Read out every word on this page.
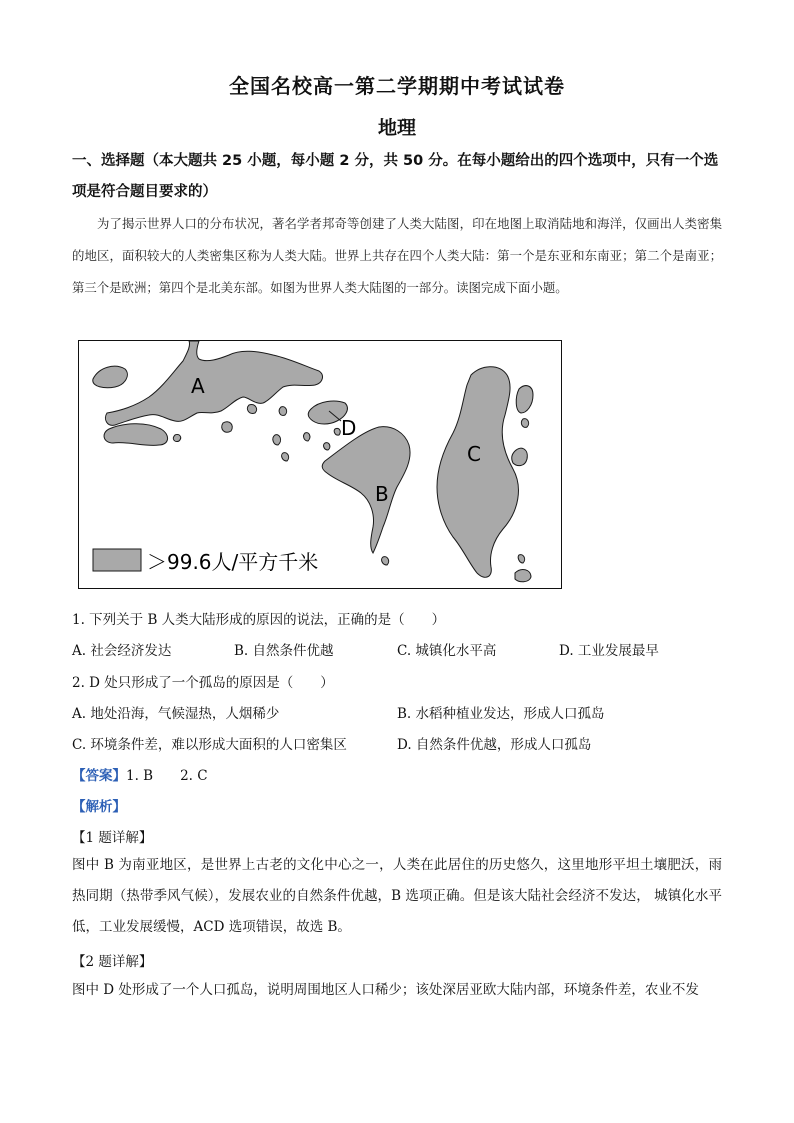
全国名校高一第二学期期中考试试卷
地理
一、选择题（本大题共 25 小题，每小题 2 分，共 50 分。在每小题给出的四个选项中，只有一个选项是符合题目要求的）

为了揭示世界人口的分布状况，著名学者邦奇等创建了人类大陆图，印在地图上取消陆地和海洋，仅画出人类密集的地区，面积较大的人类密集区称为人类大陆。世界上共存在四个人类大陆：第一个是东亚和东南亚；第二个是南亚；第三个是欧洲；第四个是北美东部。如图为世界人类大陆图的一部分。读图完成下面小题。

A
B
C
D
＞99.6人/平方千米
1. 下列关于 B 人类大陆形成的原因的说法，正确的是（　　）
A. 社会经济发达	B. 自然条件优越	C. 城镇化水平高	D. 工业发展最早
2. D 处只形成了一个孤岛的原因是（　　）
A. 地处沿海，气候湿热，人烟稀少	B. 水稻种植业发达，形成人口孤岛
C. 环境条件差，难以形成大面积的人口密集区	D. 自然条件优越，形成人口孤岛
【答案】1. B　　2. C
【解析】
【1 题详解】

图中 B 为南亚地区，是世界上古老的文化中心之一，人类在此居住的历史悠久，这里地形平坦土壤肥沃，雨热同期（热带季风气候），发展农业的自然条件优越，B 选项正确。但是该大陆社会经济不发达， 城镇化水平低，工业发展缓慢，ACD 选项错误，故选 B。

【2 题详解】

图中 D 处形成了一个人口孤岛，说明周围地区人口稀少；该处深居亚欧大陆内部，环境条件差，农业不发
